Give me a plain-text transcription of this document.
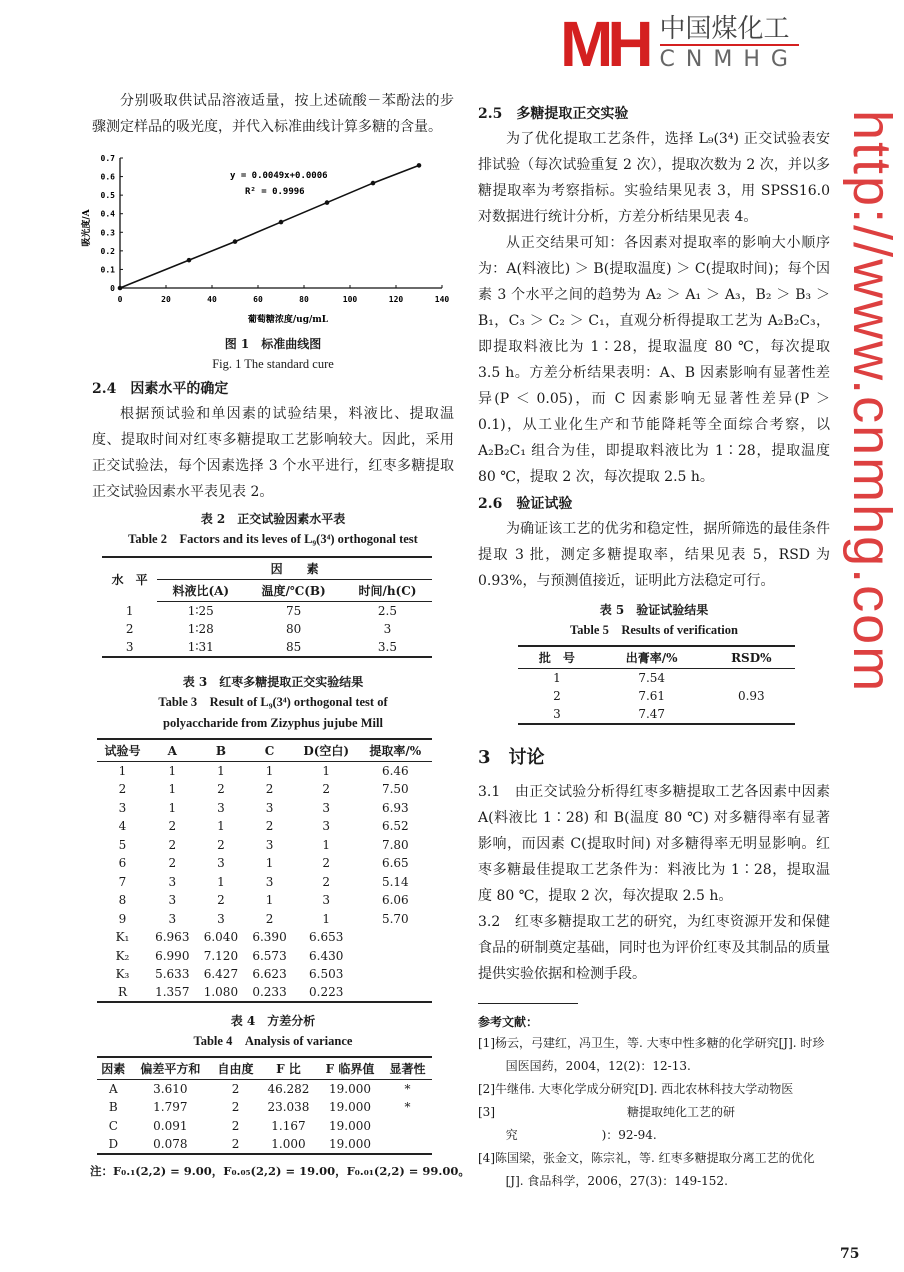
分别吸取供试品溶液适量，按上述硫酸－苯酚法的步骤测定样品的吸光度，并代入标准曲线计算多糖的含量。
y = 0.0049x+0.0006
R² = 0.9996
吸光度/A
葡萄糖浓度/ug/mL
0	20	40	60	80	100	120	140
0
0.1
0.2
0.3
0.4
0.5
0.6
0.7
图 1　标准曲线图
Fig. 1 The standard cure
2.4　因素水平的确定
根据预试验和单因素的试验结果，料液比、提取温度、提取时间对红枣多糖提取工艺影响较大。因此，采用正交试验法，每个因素选择 3 个水平进行，红枣多糖提取正交试验因素水平表见表 2。
表 2　正交试验因素水平表
Table 2　Factors and its leves of L₉(3⁴) orthogonal test
水　平	因　　素		
	料液比(A)	温度/℃(B)	时间/h(C)
1	1∶25	75	2.5
2	1∶28	80	3
3	1∶31	85	3.5
表 3　红枣多糖提取正交实验结果
Table 3　Result of L₉(3⁴) orthogonal test of
polyaccharide from Zizyphus jujube Mill
试验号	A	B	C	D(空白)	提取率/%
1	1	1	1	1	6.46
2	1	2	2	2	7.50
3	1	3	3	3	6.93
4	2	1	2	3	6.52
5	2	2	3	1	7.80
6	2	3	1	2	6.65
7	3	1	3	2	5.14
8	3	2	1	3	6.06
9	3	3	2	1	5.70
K₁	6.963	6.040	6.390	6.653	
K₂	6.990	7.120	6.573	6.430	
K₃	5.633	6.427	6.623	6.503	
R	1.357	1.080	0.233	0.223	
表 4　方差分析
Table 4　Analysis of variance
因素	偏差平方和	自由度	F 比	F 临界值	显著性
A	3.610	2	46.282	19.000	*
B	1.797	2	23.038	19.000	*
C	0.091	2	1.167	19.000	
D	0.078	2	1.000	19.000	
注：F₀.₁(2,2) = 9.00，F₀.₀₅(2,2) = 19.00，F₀.₀₁(2,2) = 99.00。
2.5　多糖提取正交实验
为了优化提取工艺条件，选择 L₉(3⁴) 正交试验表安排试验（每次试验重复 2 次），提取次数为 2 次，并以多糖提取率为考察指标。实验结果见表 3，用 SPSS16.0 对数据进行统计分析，方差分析结果见表 4。
从正交结果可知：各因素对提取率的影响大小顺序为：A(料液比) ＞ B(提取温度) ＞ C(提取时间)；每个因素 3 个水平之间的趋势为 A₂ ＞ A₁ ＞ A₃，B₂ ＞ B₃ ＞ B₁，C₃ ＞ C₂ ＞ C₁，直观分析得提取工艺为 A₂B₂C₃，即提取料液比为 1∶28，提取温度 80 ℃，每次提取 3.5 h。方差分析结果表明：A、B 因素影响有显著性差异(P ＜ 0.05)，而 C 因素影响无显著性差异(P ＞ 0.1)，从工业化生产和节能降耗等全面综合考察，以 A₂B₂C₁ 组合为佳，即提取料液比为 1∶28，提取温度 80 ℃，提取 2 次，每次提取 2.5 h。
2.6　验证试验
为确证该工艺的优劣和稳定性，据所筛选的最佳条件提取 3 批，测定多糖提取率，结果见表 5，RSD 为 0.93%，与预测值接近，证明此方法稳定可行。
表 5　验证试验结果
Table 5　Results of verification
批　号	出膏率/%	RSD%
1	7.54	0.93
2	7.61	
3	7.47	
3　讨论
3.1　由正交试验分析得红枣多糖提取工艺各因素中因素 A(料液比 1∶28) 和 B(温度 80 ℃) 对多糖得率有显著影响，而因素 C(提取时间) 对多糖得率无明显影响。红枣多糖最佳提取工艺条件为：料液比为 1∶28，提取温度 80 ℃，提取 2 次，每次提取 2.5 h。
3.2　红枣多糖提取工艺的研究，为红枣资源开发和保健食品的研制奠定基础，同时也为评价红枣及其制品的质量提供实验依据和检测手段。
参考文献：
[1]杨云，弓建红，冯卫生，等. 大枣中性多糖的化学研究[J]. 时珍国医国药，2004，12(2)：12-13.
[2]牛继伟. 大枣化学成分研究[D]. 西北农林科技大学动物医
[3]　　　　　　　　　　　糖提取纯化工艺的研究　　　　　　　)：92-94.
[4]陈国梁，张金文，陈宗礼，等. 红枣多糖提取分离工艺的优化[J]. 食品科学，2006，27(3)：149-152.
75
http://www.cnmhg.com
MH 中国煤化工
CNMHG
